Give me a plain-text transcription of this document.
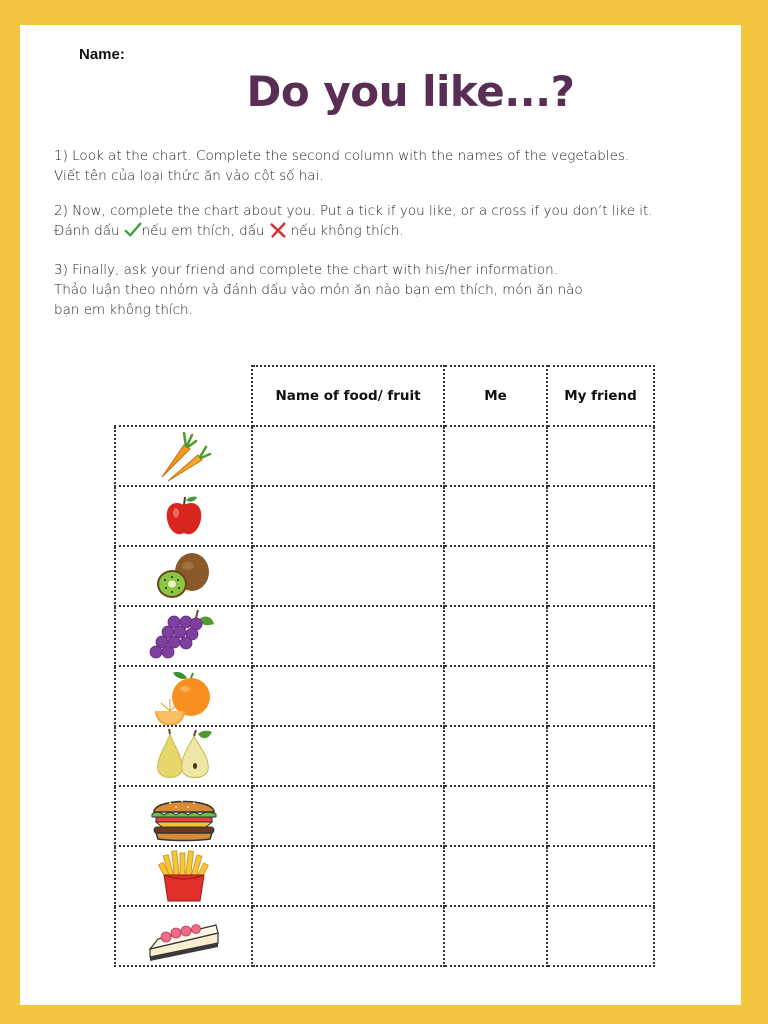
Name:
Do you like...?

1) Look at the chart. Complete the second column with the names of the vegetables.

Viết tên của loại thức ăn vào cột số hai.

2) Now, complete the chart about you. Put a tick if you like, or a cross if you don’t like it.

Đánh dấu nếu em thích, dấu nếu không thích.

3) Finally, ask your friend and complete the chart with his/her information.

Thảo luận theo nhóm và đánh dấu vào món ăn nào bạn em thích, món ăn nào

bạn em không thích.

	Name of food/ fruit	Me	My friend
